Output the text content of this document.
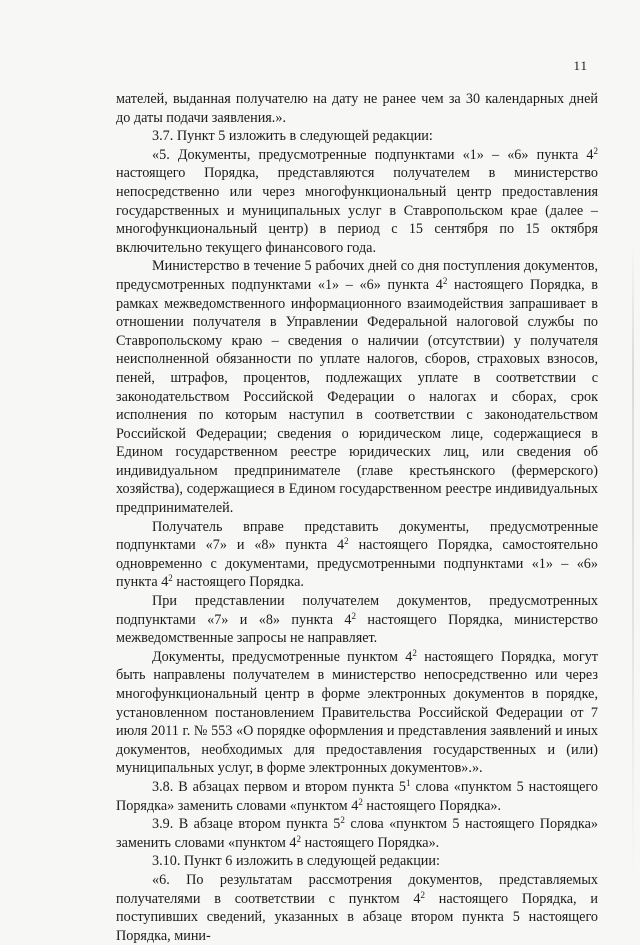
11

мателей, выданная получателю на дату не ранее чем за 30 календарных дней до даты подачи заявления.».

3.7. Пункт 5 изложить в следующей редакции:

«5. Документы, предусмотренные подпунктами «1» – «6» пункта $4^2$ настоящего Порядка, представляются получателем в министерство непосредственно или через многофункциональный центр предоставления государственных и муниципальных услуг в Ставропольском крае (далее – многофункциональный центр) в период с 15 сентября по 15 октября включительно текущего финансового года.

Министерство в течение 5 рабочих дней со дня поступления документов, предусмотренных подпунктами «1» – «6» пункта $4^2$ настоящего Порядка, в рамках межведомственного информационного взаимодействия запрашивает в отношении получателя в Управлении Федеральной налоговой службы по Ставропольскому краю – сведения о наличии (отсутствии) у получателя неисполненной обязанности по уплате налогов, сборов, страховых взносов, пеней, штрафов, процентов, подлежащих уплате в соответствии с законодательством Российской Федерации о налогах и сборах, срок исполнения по которым наступил в соответствии с законодательством Российской Федерации; сведения о юридическом лице, содержащиеся в Едином государственном реестре юридических лиц, или сведения об индивидуальном предпринимателе (главе крестьянского (фермерского) хозяйства), содержащиеся в Едином государственном реестре индивидуальных предпринимателей.

Получатель вправе представить документы, предусмотренные подпунктами «7» и «8» пункта $4^2$ настоящего Порядка, самостоятельно одновременно с документами, предусмотренными подпунктами «1» – «6» пункта $4^2$ настоящего Порядка.

При представлении получателем документов, предусмотренных подпунктами «7» и «8» пункта $4^2$ настоящего Порядка, министерство межведомственные запросы не направляет.

Документы, предусмотренные пунктом $4^2$ настоящего Порядка, могут быть направлены получателем в министерство непосредственно или через многофункциональный центр в форме электронных документов в порядке, установленном постановлением Правительства Российской Федерации от 7 июля 2011 г. № 553 «О порядке оформления и представления заявлений и иных документов, необходимых для предоставления государственных и (или) муниципальных услуг, в форме электронных документов».».

3.8. В абзацах первом и втором пункта $5^1$ слова «пунктом 5 настоящего Порядка» заменить словами «пунктом $4^2$ настоящего Порядка».

3.9. В абзаце втором пункта $5^2$ слова «пунктом 5 настоящего Порядка» заменить словами «пунктом $4^2$ настоящего Порядка».

3.10. Пункт 6 изложить в следующей редакции:

«6. По результатам рассмотрения документов, представляемых получателями в соответствии с пунктом $4^2$ настоящего Порядка, и поступивших сведений, указанных в абзаце втором пункта 5 настоящего Порядка, мини-
